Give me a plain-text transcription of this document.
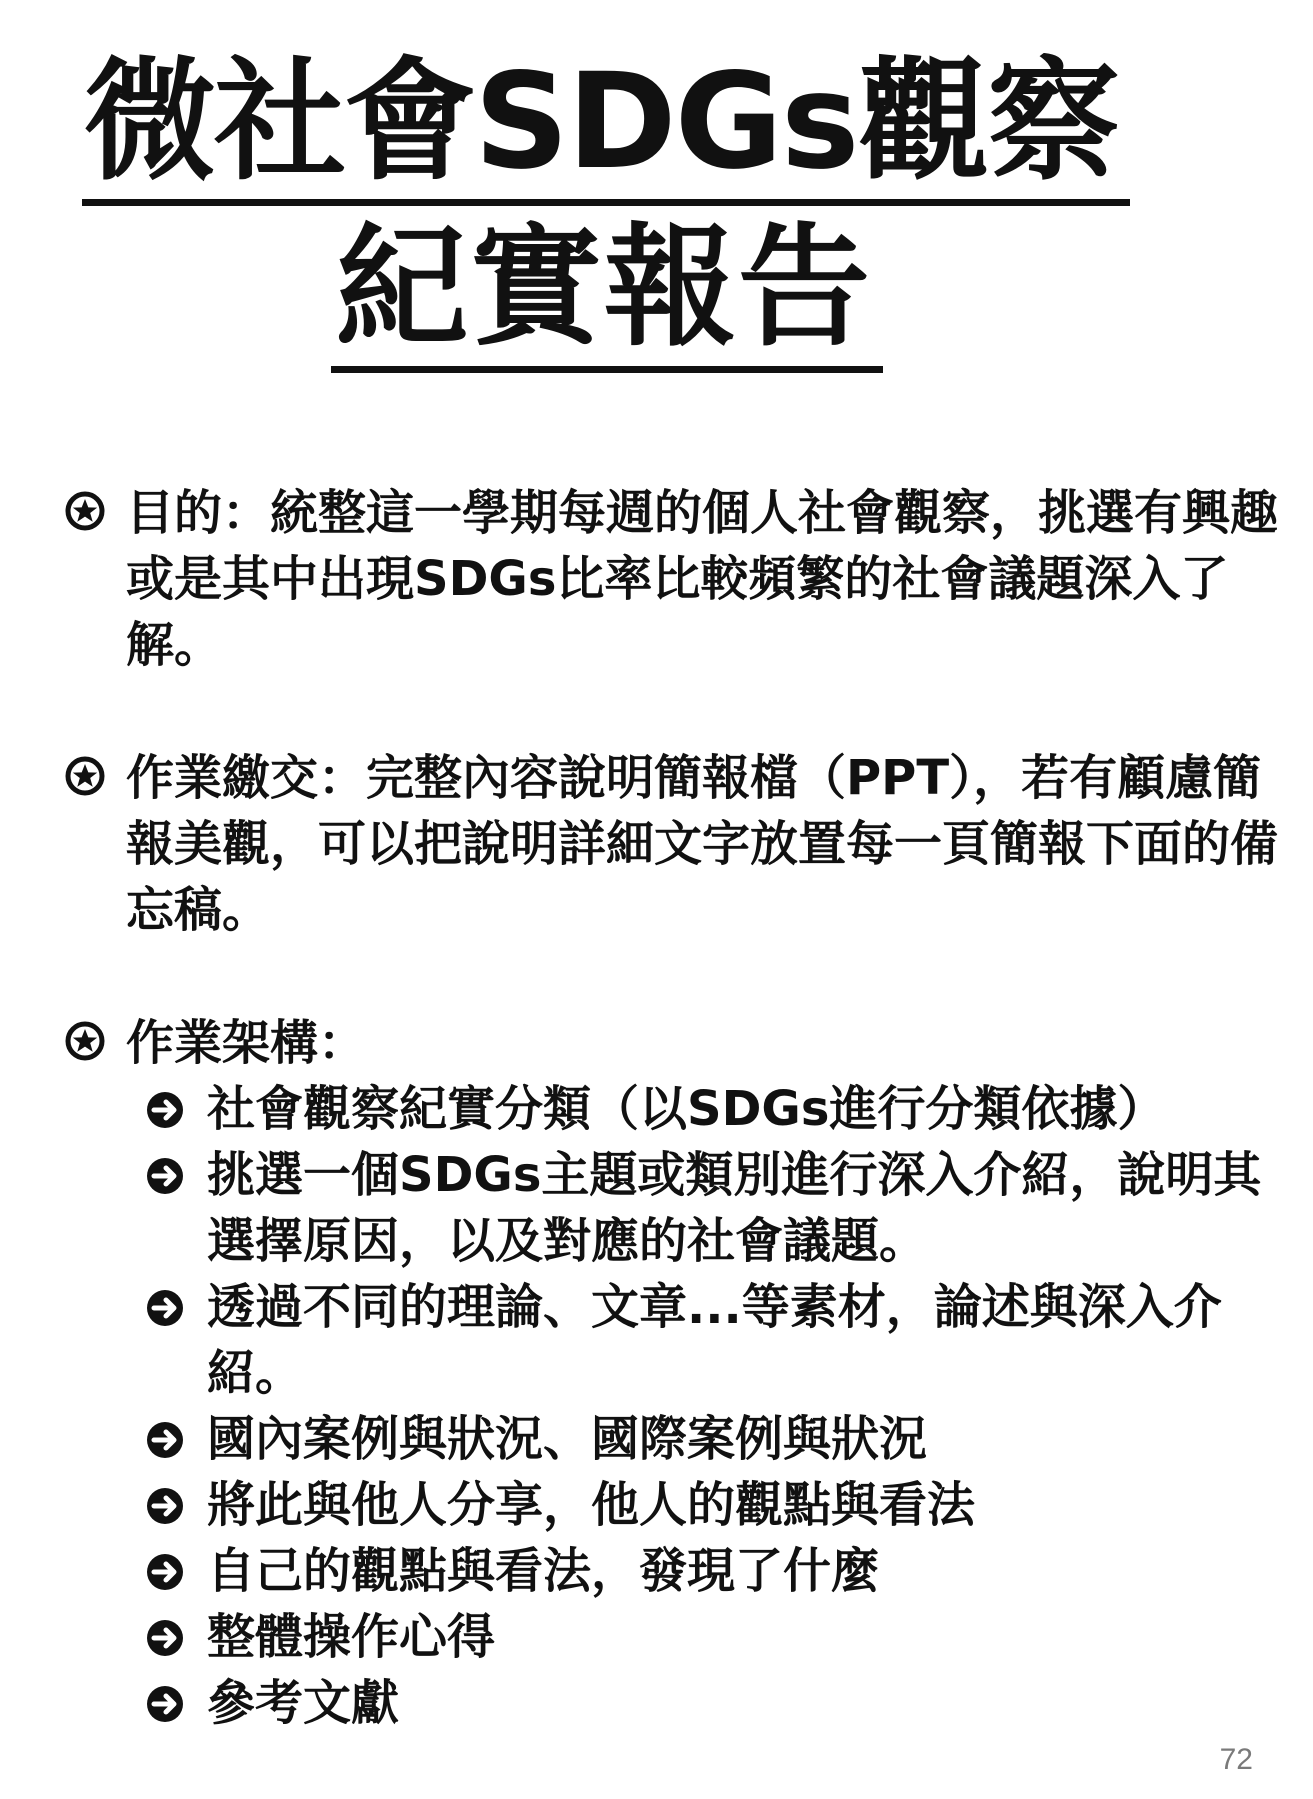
微社會SDGs觀察
紀實報告

目的：統整這一學期每週的個人社會觀察，挑選有興趣或是其中出現SDGs比率比較頻繁的社會議題深入了解。

作業繳交：完整內容說明簡報檔（PPT），若有顧慮簡報美觀，可以把說明詳細文字放置每一頁簡報下面的備忘稿。

作業架構：

社會觀察紀實分類（以SDGs進行分類依據）
挑選一個SDGs主題或類別進行深入介紹，說明其選擇原因，以及對應的社會議題。
透過不同的理論、文章...等素材，論述與深入介紹。
國內案例與狀況、國際案例與狀況
將此與他人分享，他人的觀點與看法
自己的觀點與看法，發現了什麼
整體操作心得
參考文獻
72
